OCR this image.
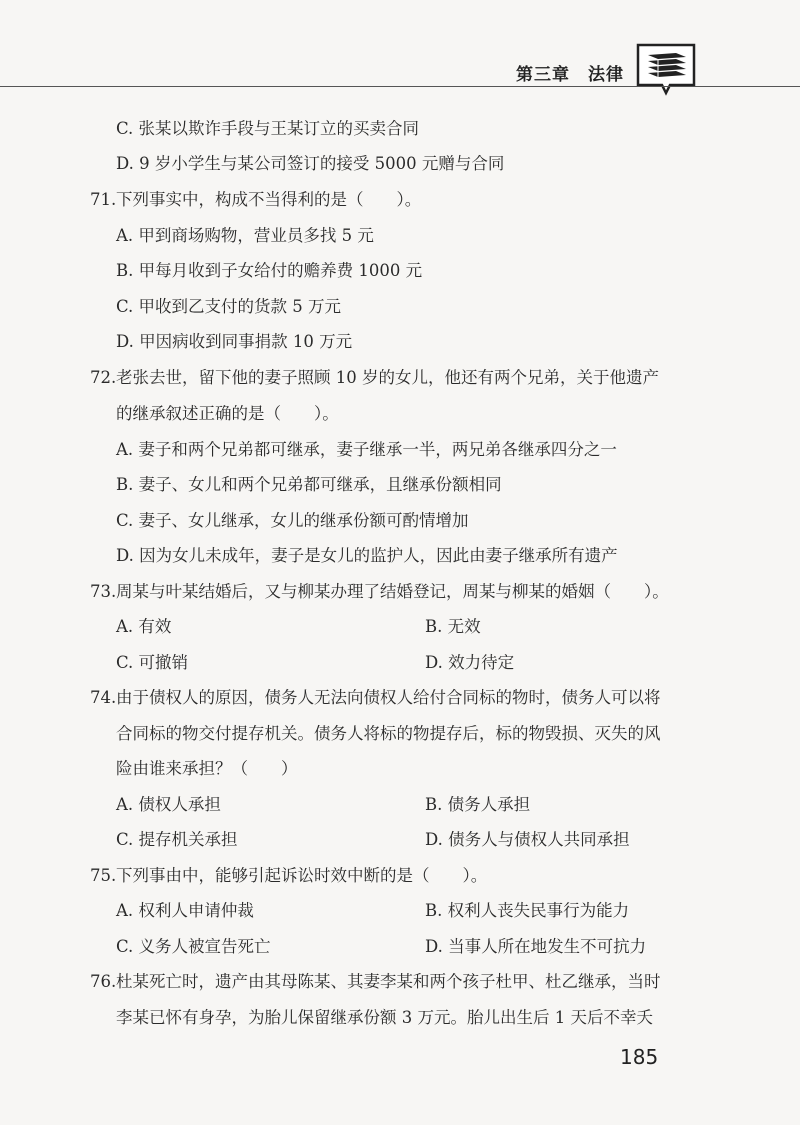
第三章　法律
C. 张某以欺诈手段与王某订立的买卖合同
D. 9 岁小学生与某公司签订的接受 5000 元赠与合同
71. 下列事实中，构成不当得利的是（　　）。
A. 甲到商场购物，营业员多找 5 元
B. 甲每月收到子女给付的赡养费 1000 元
C. 甲收到乙支付的货款 5 万元
D. 甲因病收到同事捐款 10 万元
72. 老张去世，留下他的妻子照顾 10 岁的女儿，他还有两个兄弟，关于他遗产
的继承叙述正确的是（　　）。
A. 妻子和两个兄弟都可继承，妻子继承一半，两兄弟各继承四分之一
B. 妻子、女儿和两个兄弟都可继承，且继承份额相同
C. 妻子、女儿继承，女儿的继承份额可酌情增加
D. 因为女儿未成年，妻子是女儿的监护人，因此由妻子继承所有遗产
73. 周某与叶某结婚后，又与柳某办理了结婚登记，周某与柳某的婚姻（　　）。
A. 有效	B. 无效
C. 可撤销	D. 效力待定
74. 由于债权人的原因，债务人无法向债权人给付合同标的物时，债务人可以将
合同标的物交付提存机关。债务人将标的物提存后，标的物毁损、灭失的风
险由谁来承担？（　　）
A. 债权人承担	B. 债务人承担
C. 提存机关承担	D. 债务人与债权人共同承担
75. 下列事由中，能够引起诉讼时效中断的是（　　）。
A. 权利人申请仲裁	B. 权利人丧失民事行为能力
C. 义务人被宣告死亡	D. 当事人所在地发生不可抗力
76. 杜某死亡时，遗产由其母陈某、其妻李某和两个孩子杜甲、杜乙继承，当时
李某已怀有身孕，为胎儿保留继承份额 3 万元。胎儿出生后 1 天后不幸夭
185
